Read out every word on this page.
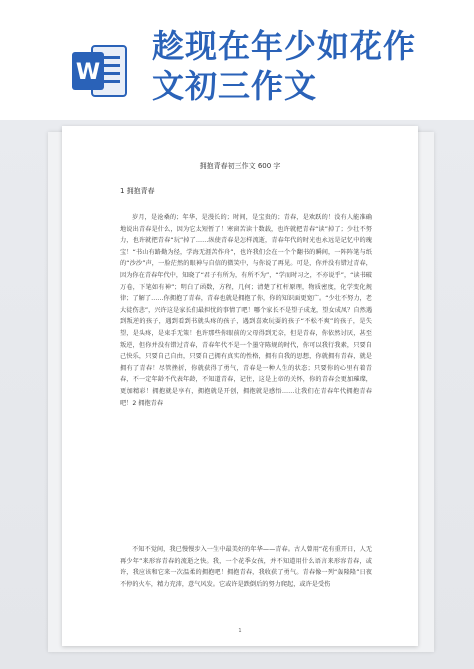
W
趁现在年少如花作
文初三作文
拥抱青春初三作文 600 字
1 拥抱青春
岁月，是沧桑的；年华，是漫长的；时间，是宝贵的；青春，是欢跃的！没有人能准确地说出青春是什么，因为它太短暂了！寒窗苦读十数载，也许就把青春“读”掉了；少壮不努力，也许就把青春“玩”掉了……纵使青春是怎样流逝，青春年代的时光也永远是记忆中的瑰宝！“书山有路勤为径，学海无涯苦作舟”，也许我们会在一个个翻书的瞬间，一阵阵笔与纸的“沙沙”声，一脸茫然的眼神与自信的微笑中，与你说了再见。可是，你并没有错过青春，因为你在青春年代中，知晓了“君子有所为，有所不为”，“学而时习之，不亦说乎”，“读书破万卷，下笔如有神”；明白了函数，方程，几何；清楚了杠杆原理，物质密度，化学变化规律；了解了……你拥抱了青春，青春也就是拥抱了你，你的知识面更宽广。“少壮不努力，老大徒伤悲”，兴许这是家长们最担忧的事情了吧！哪个家长不是望子成龙，望女成凤？自然遇到叛逆的孩子，遇到看到书就头疼的孩子，遇到喜欢玩耍的孩子“不松不爽”的孩子，是失望，是头疼，是束手无策！也许那些你眼前的父母得到无奈，但是青春，你依然讨厌，甚至叛逆，但你并没有错过青春，青春年代不是一个墨守陈规的时代，你可以我行我素，只要自己快乐，只要自己自由，只要自己拥有真实的性格，拥有自我的思想，你就拥有青春，就是拥有了青春！尽管挫折，你就获得了勇气，青春是一种人生的状态；只要你的心里有着青春，不一定年龄不代表年龄，不知道青春，记住，这是上帝的关怀，你的青春会更加璀璨，更加精彩！拥抱就是享有，拥抱就是开创，拥抱就是感悟……让我们在青春年代拥抱青春吧！2 拥抱青春
不知不觉间，我已慢慢步入一生中最美好的年华——青春。古人曾用“花有重开日，人无再少年”来形容青春的流逝之快。我，一个花季女孩，并不知道用什么语言来形容青春，或许，我应该和它来一次温柔的拥抱吧！拥抱青春，我收获了勇气。青春像一列“轰隆隆”日夜不停的火车，精力充沛，意气风发。它或许是跌倒后的努力爬起，或许是受伤
1
